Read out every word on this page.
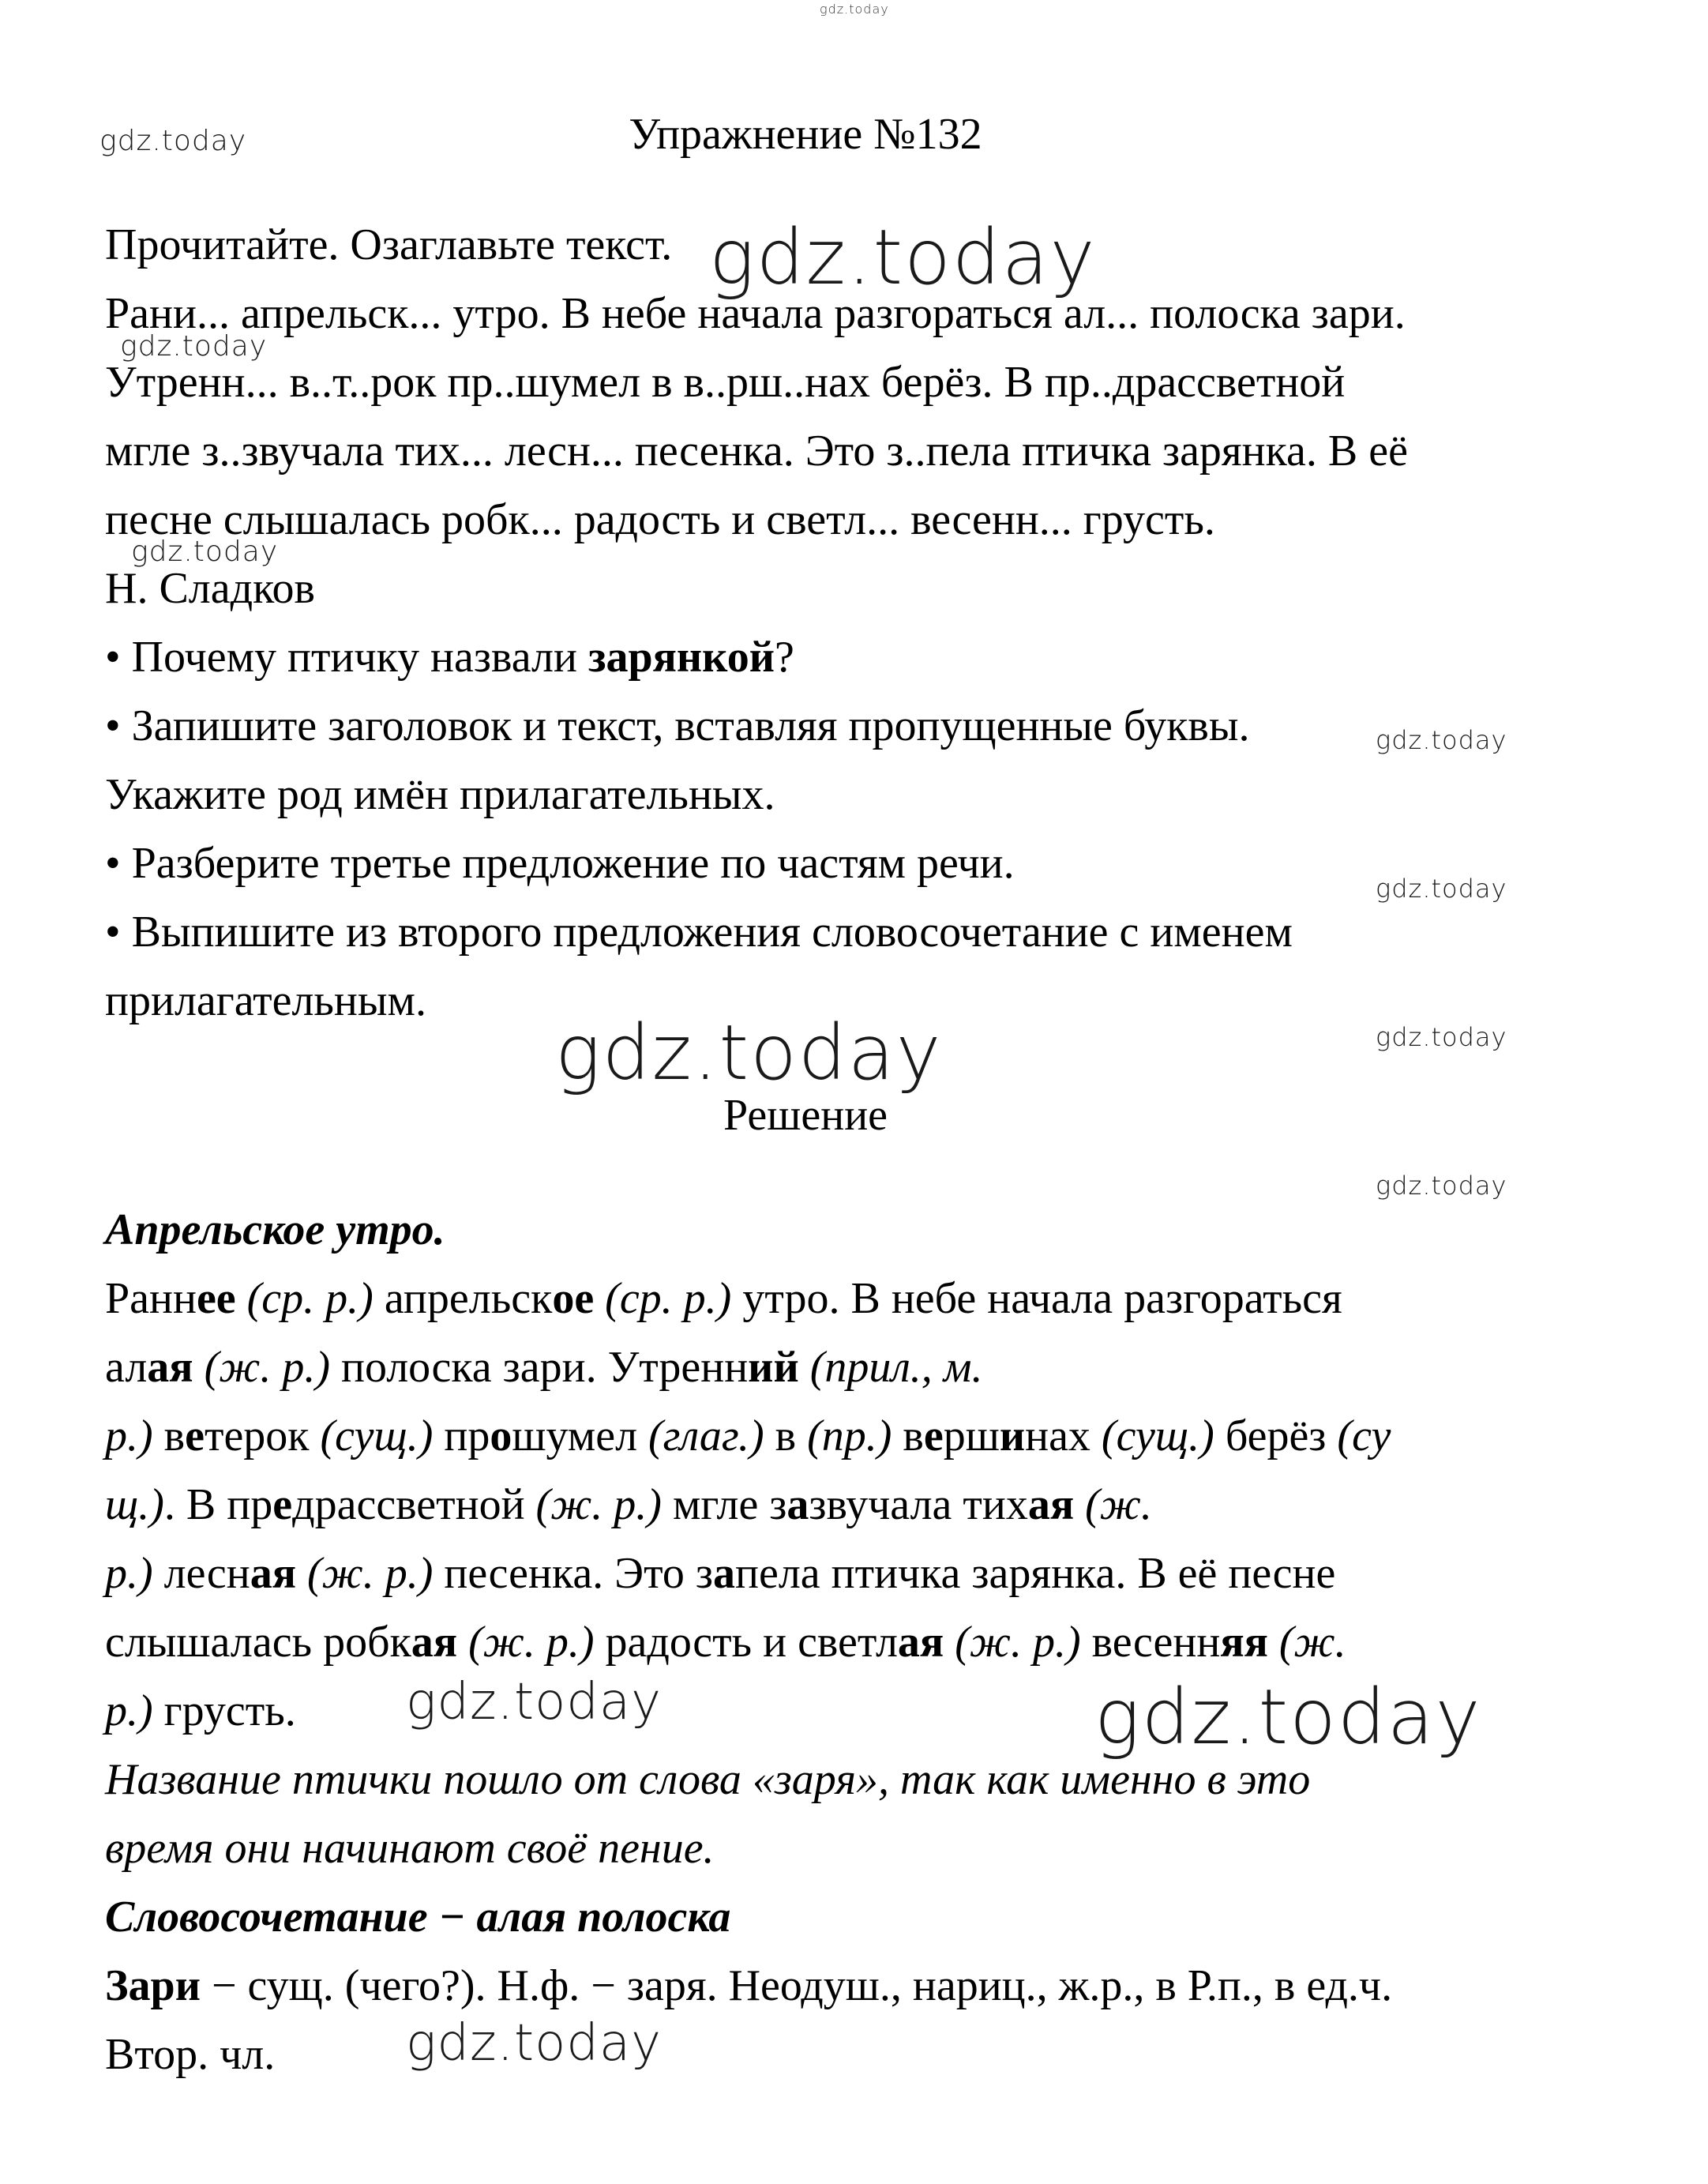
gdz.today
gdz.today
gdz.today
gdz.today
gdz.today
gdz.today
gdz.today
gdz.today	gdz.today
gdz.today
gdz.today	gdz.today
gdz.today
Упражнение №132
Прочитайте. Озаглавьте текст.
Рани... апрельск... утро. В небе начала разгораться ал... полоска зари.
Утренн... в..т..рок пр..шумел в в..рш..нах берёз. В пр..драссветной
мгле з..звучала тих... лесн... песенка. Это з..пела птичка зарянка. В её
песне слышалась робк... радость и светл... весенн... грусть.
Н. Сладков
• Почему птичку назвали зарянкой?
• Запишите заголовок и текст, вставляя пропущенные буквы.
Укажите род имён прилагательных.
• Разберите третье предложение по частям речи.
• Выпишите из второго предложения словосочетание с именем
прилагательным.
Решение
Апрельское утро.
Раннее (ср. р.) апрельское (ср. р.) утро. В небе начала разгораться
алая (ж. р.) полоска зари. Утренний (прил., м.
р.) ветерок (сущ.) прошумел (глаг.) в (пр.) вершинах (сущ.) берёз (су
щ.). В предрассветной (ж. р.) мгле зазвучала тихая (ж.
р.) лесная (ж. р.) песенка. Это запела птичка зарянка. В её песне
слышалась робкая (ж. р.) радость и светлая (ж. р.) весенняя (ж.
р.) грусть.
Название птички пошло от слова «заря», так как именно в это
время они начинают своё пение.
Словосочетание − алая полоска
Зари − сущ. (чего?). Н.ф. − заря. Неодуш., нариц., ж.р., в Р.п., в ед.ч.
Втор. чл.
